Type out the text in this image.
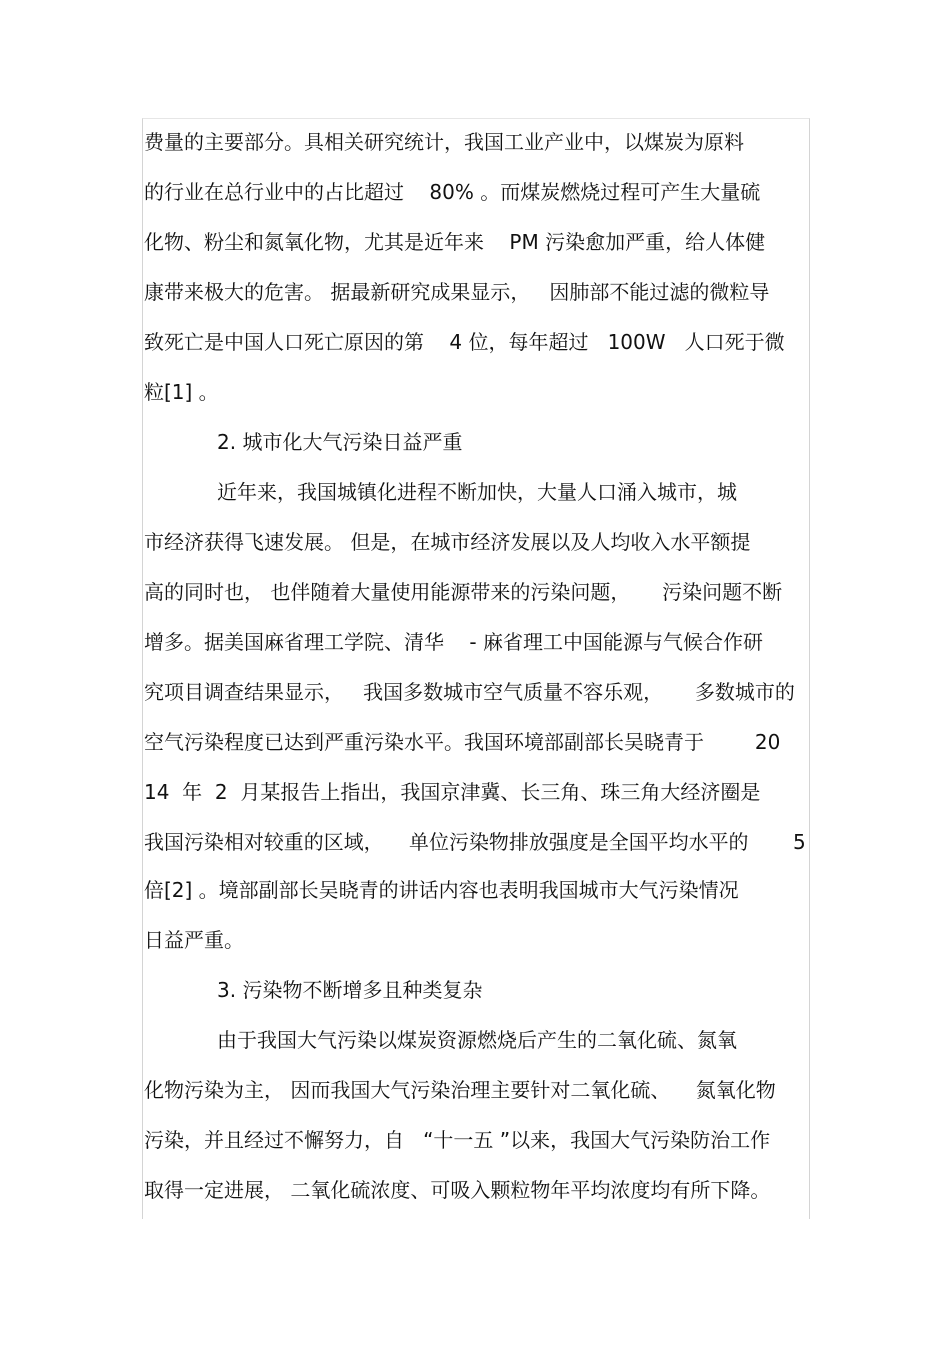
费量的主要部分。具相关研究统计，我国工业产业中，以煤炭为原料
的行业在总行业中的占比超过    80% 。而煤炭燃烧过程可产生大量硫
化物、粉尘和氮氧化物，尤其是近年来    PM 污染愈加严重，给人体健
康带来极大的危害。 据最新研究成果显示，   因肺部不能过滤的微粒导
致死亡是中国人口死亡原因的第    4 位，每年超过   100W   人口死于微
粒[1] 。
2. 城市化大气污染日益严重
近年来，我国城镇化进程不断加快，大量人口涌入城市，城
市经济获得飞速发展。 但是，在城市经济发展以及人均收入水平额提
高的同时也， 也伴随着大量使用能源带来的污染问题，     污染问题不断
增多。据美国麻省理工学院、清华    - 麻省理工中国能源与气候合作研
究项目调查结果显示，   我国多数城市空气质量不容乐观，     多数城市的
空气污染程度已达到严重污染水平。我国环境部副部长吴晓青于        20
14  年  2  月某报告上指出，我国京津冀、长三角、珠三角大经济圈是
我国污染相对较重的区域，    单位污染物排放强度是全国平均水平的       5
倍[2] 。境部副部长吴晓青的讲话内容也表明我国城市大气污染情况
日益严重。
3. 污染物不断增多且种类复杂
由于我国大气污染以煤炭资源燃烧后产生的二氧化硫、氮氧
化物污染为主， 因而我国大气污染治理主要针对二氧化硫、    氮氧化物
污染，并且经过不懈努力，自   “十一五 ”以来，我国大气污染防治工作
取得一定进展， 二氧化硫浓度、可吸入颗粒物年平均浓度均有所下降。
